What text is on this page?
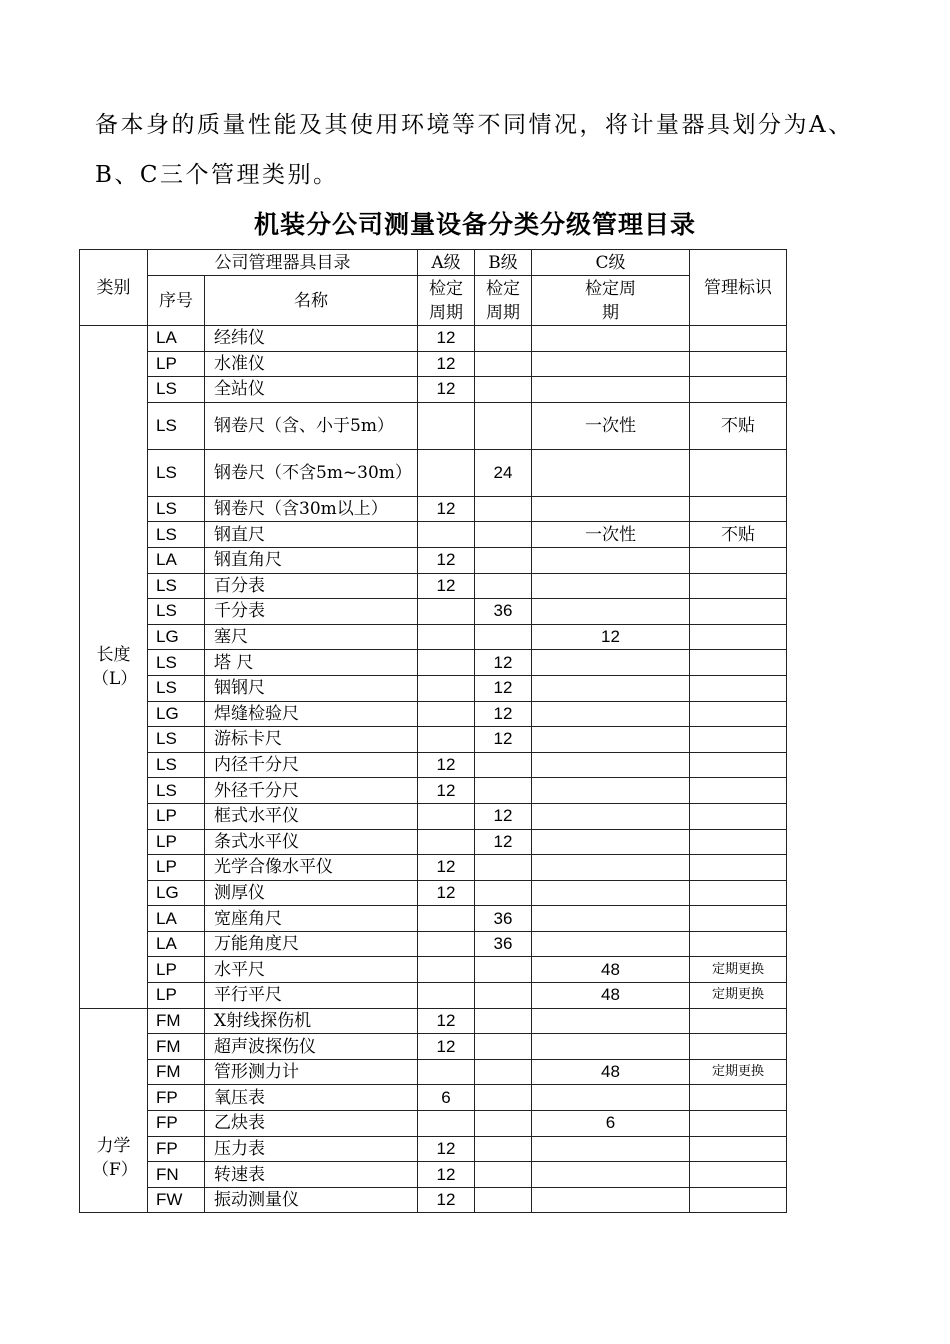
备本身的质量性能及其使用环境等不同情况，将计量器具划分为A、B、C三个管理类别。

机装分公司测量设备分类分级管理目录
类别	公司管理器具目录		A级	B级	C级	管理标识
	序号	名称	检定周期	检定周期	检定周期	
长度（L）	LA	经纬仪	12			
	LP	水准仪	12			
	LS	全站仪	12			
	LS	钢卷尺（含、小于5m）			一次性	不贴
	LS	钢卷尺（不含5m~30m）		24		
	LS	钢卷尺（含30m以上）	12			
	LS	钢直尺			一次性	不贴
	LA	钢直角尺	12			
	LS	百分表	12			
	LS	千分表		36		
	LG	塞尺			12	
	LS	塔 尺		12		
	LS	铟钢尺		12		
	LG	焊缝检验尺		12		
	LS	游标卡尺		12		
	LS	内径千分尺	12			
	LS	外径千分尺	12			
	LP	框式水平仪		12		
	LP	条式水平仪		12		
	LP	光学合像水平仪	12			
	LG	测厚仪	12			
	LA	宽座角尺		36		
	LA	万能角度尺		36		
	LP	水平尺			48	定期更换
	LP	平行平尺			48	定期更换
力学（F）	FM	X射线探伤机	12			
	FM	超声波探伤仪	12			
	FM	管形测力计			48	定期更换
	FP	氧压表	6			
	FP	乙炔表			6	
	FP	压力表	12			
	FN	转速表	12			
	FW	振动测量仪	12			
